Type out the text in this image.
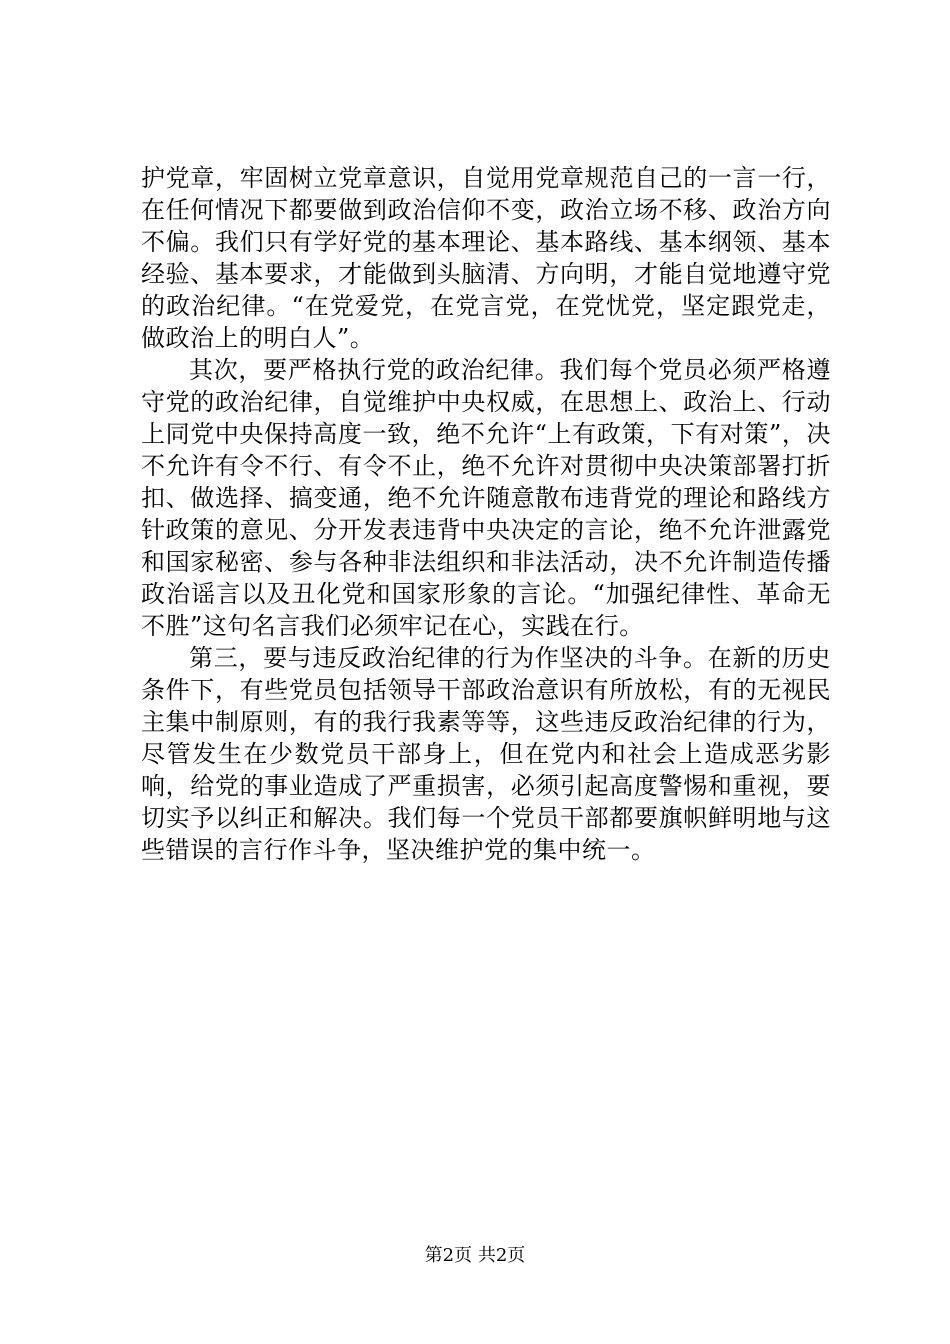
护党章，牢固树立党章意识，自觉用党章规范自己的一言一行，在任何情况下都要做到政治信仰不变，政治立场不移、政治方向不偏。我们只有学好党的基本理论、基本路线、基本纲领、基本经验、基本要求，才能做到头脑清、方向明，才能自觉地遵守党的政治纪律。“在党爱党，在党言党，在党忧党，坚定跟党走，做政治上的明白人”。

其次，要严格执行党的政治纪律。我们每个党员必须严格遵守党的政治纪律，自觉维护中央权威，在思想上、政治上、行动上同党中央保持高度一致，绝不允许“上有政策，下有对策”，决不允许有令不行、有令不止，绝不允许对贯彻中央决策部署打折扣、做选择、搞变通，绝不允许随意散布违背党的理论和路线方针政策的意见、分开发表违背中央决定的言论，绝不允许泄露党和国家秘密、参与各种非法组织和非法活动，决不允许制造传播政治谣言以及丑化党和国家形象的言论。“加强纪律性、革命无不胜”这句名言我们必须牢记在心，实践在行。

第三，要与违反政治纪律的行为作坚决的斗争。在新的历史条件下，有些党员包括领导干部政治意识有所放松，有的无视民主集中制原则，有的我行我素等等，这些违反政治纪律的行为，尽管发生在少数党员干部身上，但在党内和社会上造成恶劣影响，给党的事业造成了严重损害，必须引起高度警惕和重视，要切实予以纠正和解决。我们每一个党员干部都要旗帜鲜明地与这些错误的言行作斗争，坚决维护党的集中统一。

第2页 共2页
